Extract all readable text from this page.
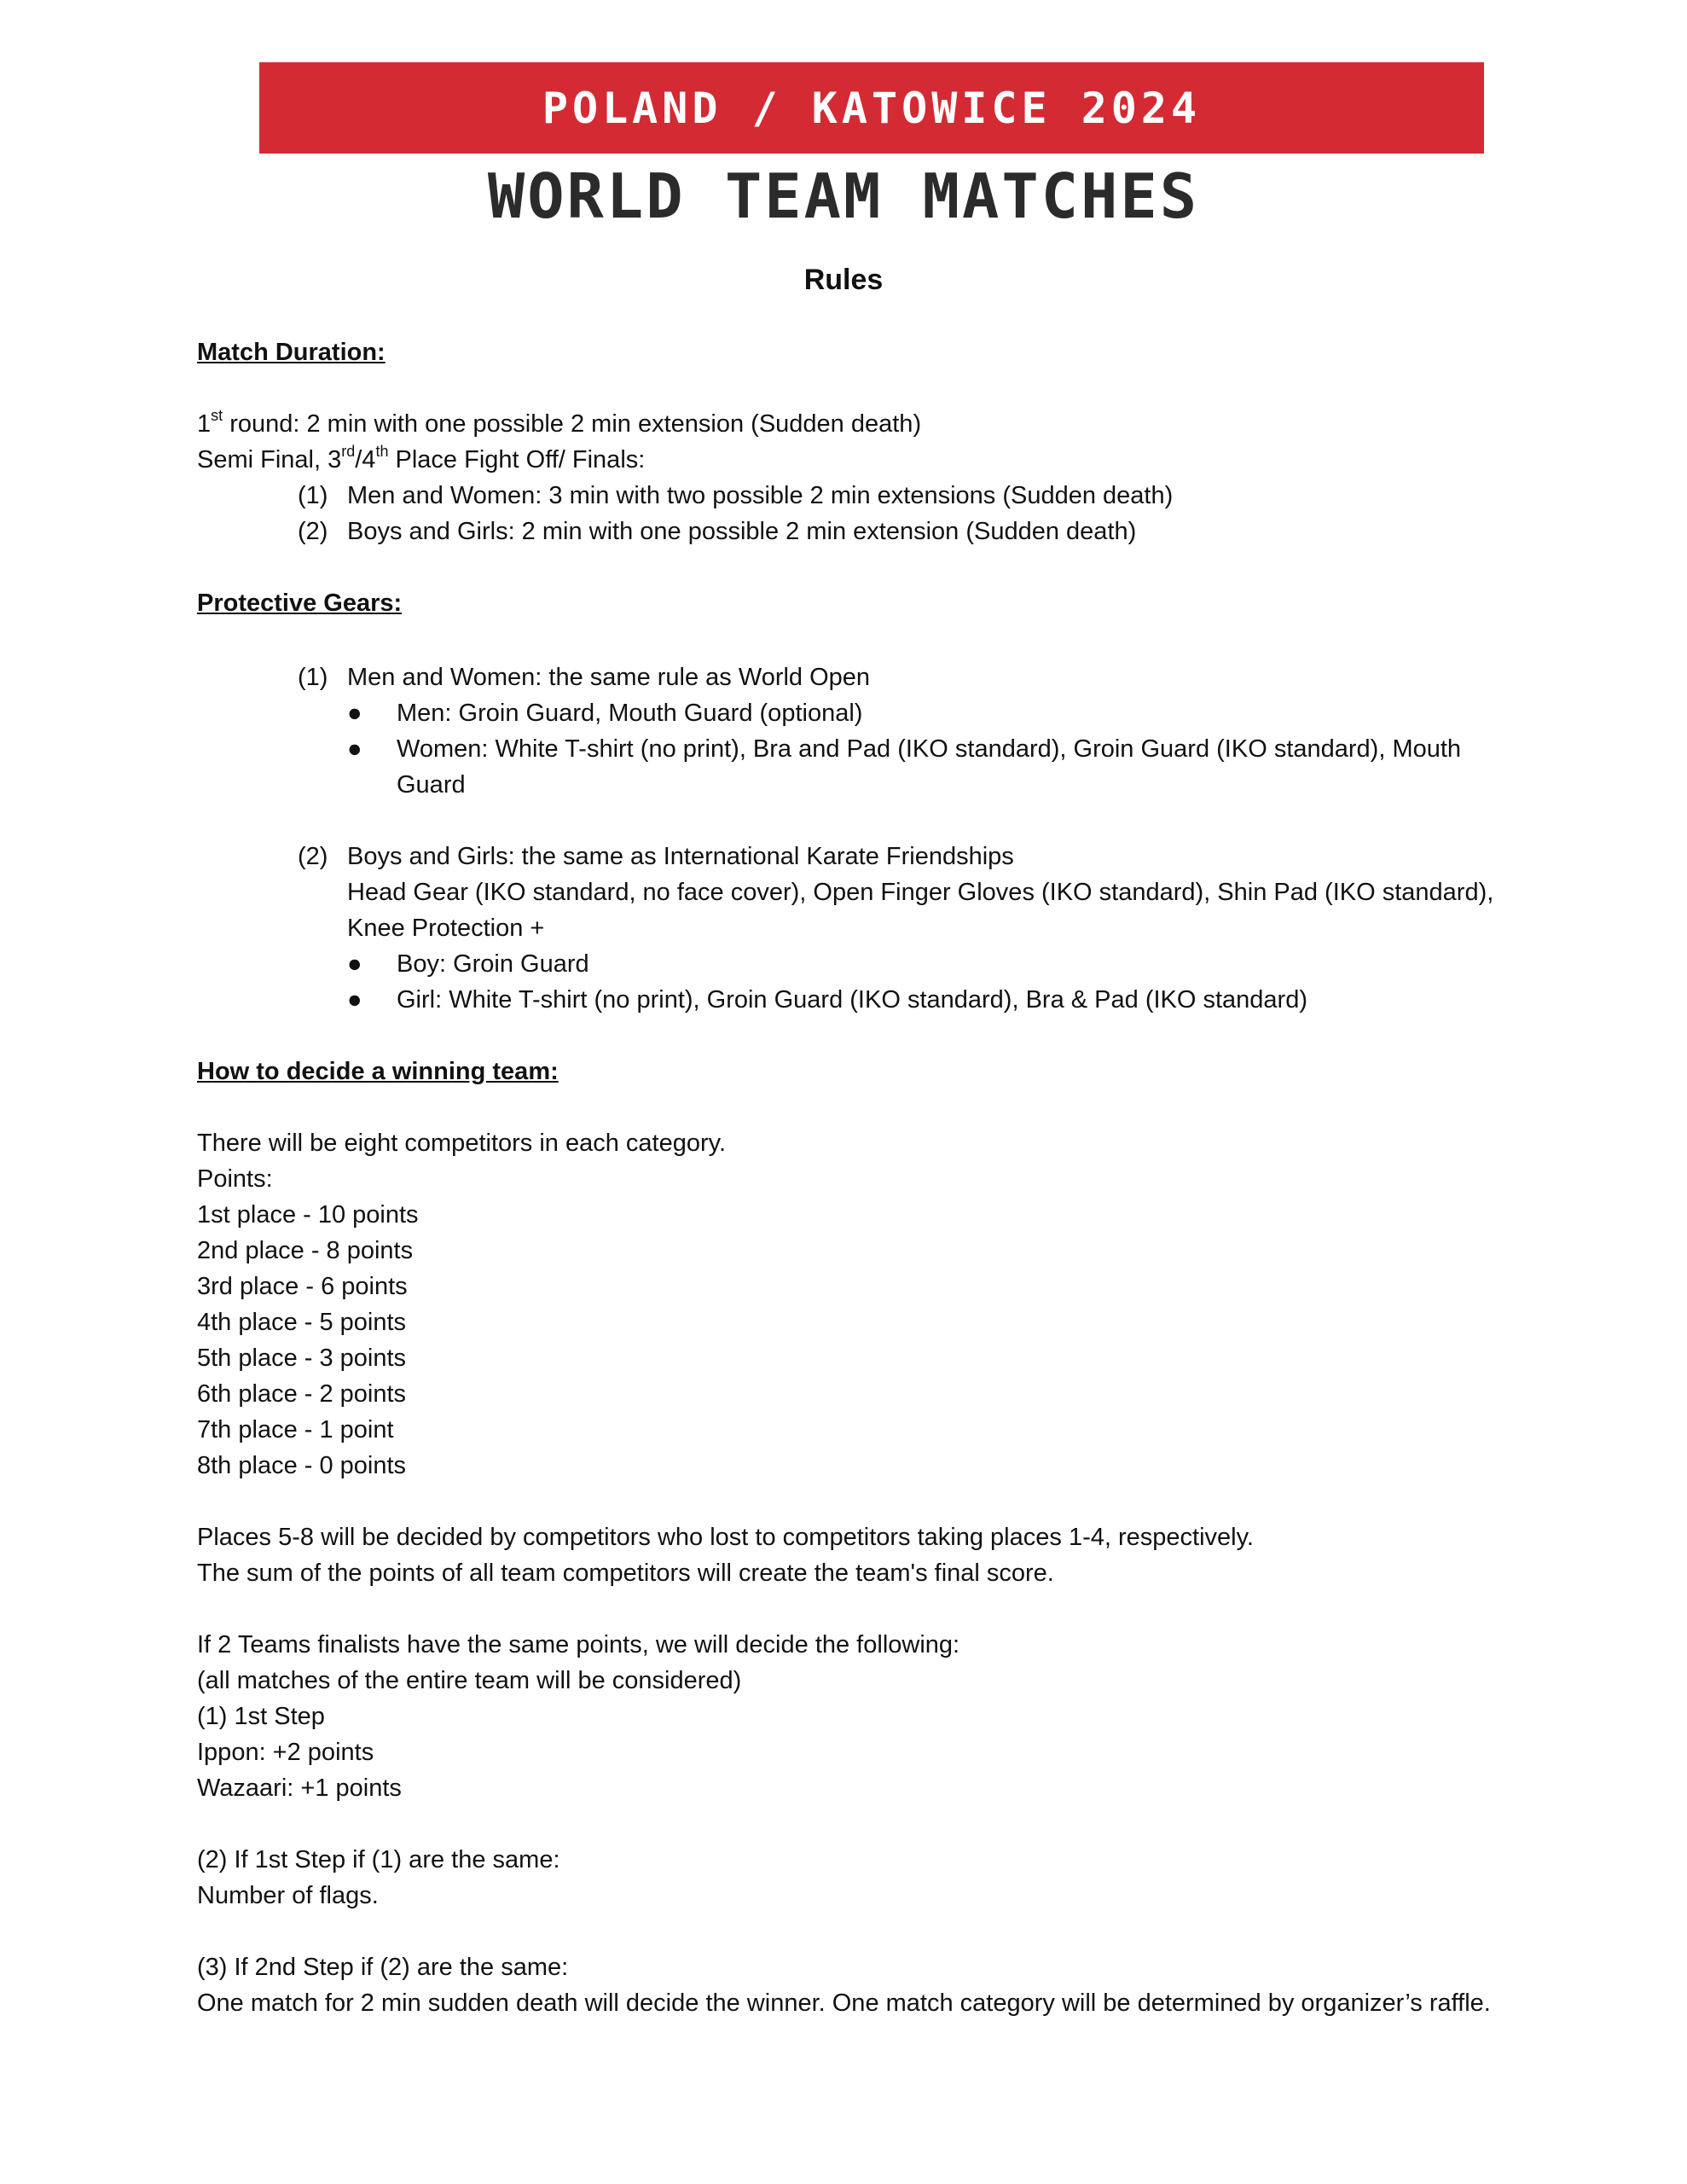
POLAND / KATOWICE 2024
WORLD TEAM MATCHES
Rules

Match Duration:

1st round: 2 min with one possible 2 min extension (Sudden death)

Semi Final, 3rd/4th Place Fight Off/ Finals:

(1) Men and Women: 3 min with two possible 2 min extensions (Sudden death)
(2) Boys and Girls: 2 min with one possible 2 min extension (Sudden death)

Protective Gears:

(1) Men and Women: the same rule as World Open
● Men: Groin Guard, Mouth Guard (optional)
● Women: White T-shirt (no print), Bra and Pad (IKO standard), Groin Guard (IKO standard), Mouth Guard
(2) Boys and Girls: the same as International Karate Friendships
Head Gear (IKO standard, no face cover), Open Finger Gloves (IKO standard), Shin Pad (IKO standard), Knee Protection +
● Boy: Groin Guard
● Girl: White T-shirt (no print), Groin Guard (IKO standard), Bra & Pad (IKO standard)

How to decide a winning team:

There will be eight competitors in each category.

Points:

1st place - 10 points

2nd place - 8 points

3rd place - 6 points

4th place - 5 points

5th place - 3 points

6th place - 2 points

7th place - 1 point

8th place - 0 points

Places 5-8 will be decided by competitors who lost to competitors taking places 1-4, respectively.

The sum of the points of all team competitors will create the team's final score.

If 2 Teams finalists have the same points, we will decide the following:

(all matches of the entire team will be considered)

(1) 1st Step

Ippon: +2 points

Wazaari: +1 points

(2) If 1st Step if (1) are the same:

Number of flags.

(3) If 2nd Step if (2) are the same:

One match for 2 min sudden death will decide the winner. One match category will be determined by organizer’s raffle.
